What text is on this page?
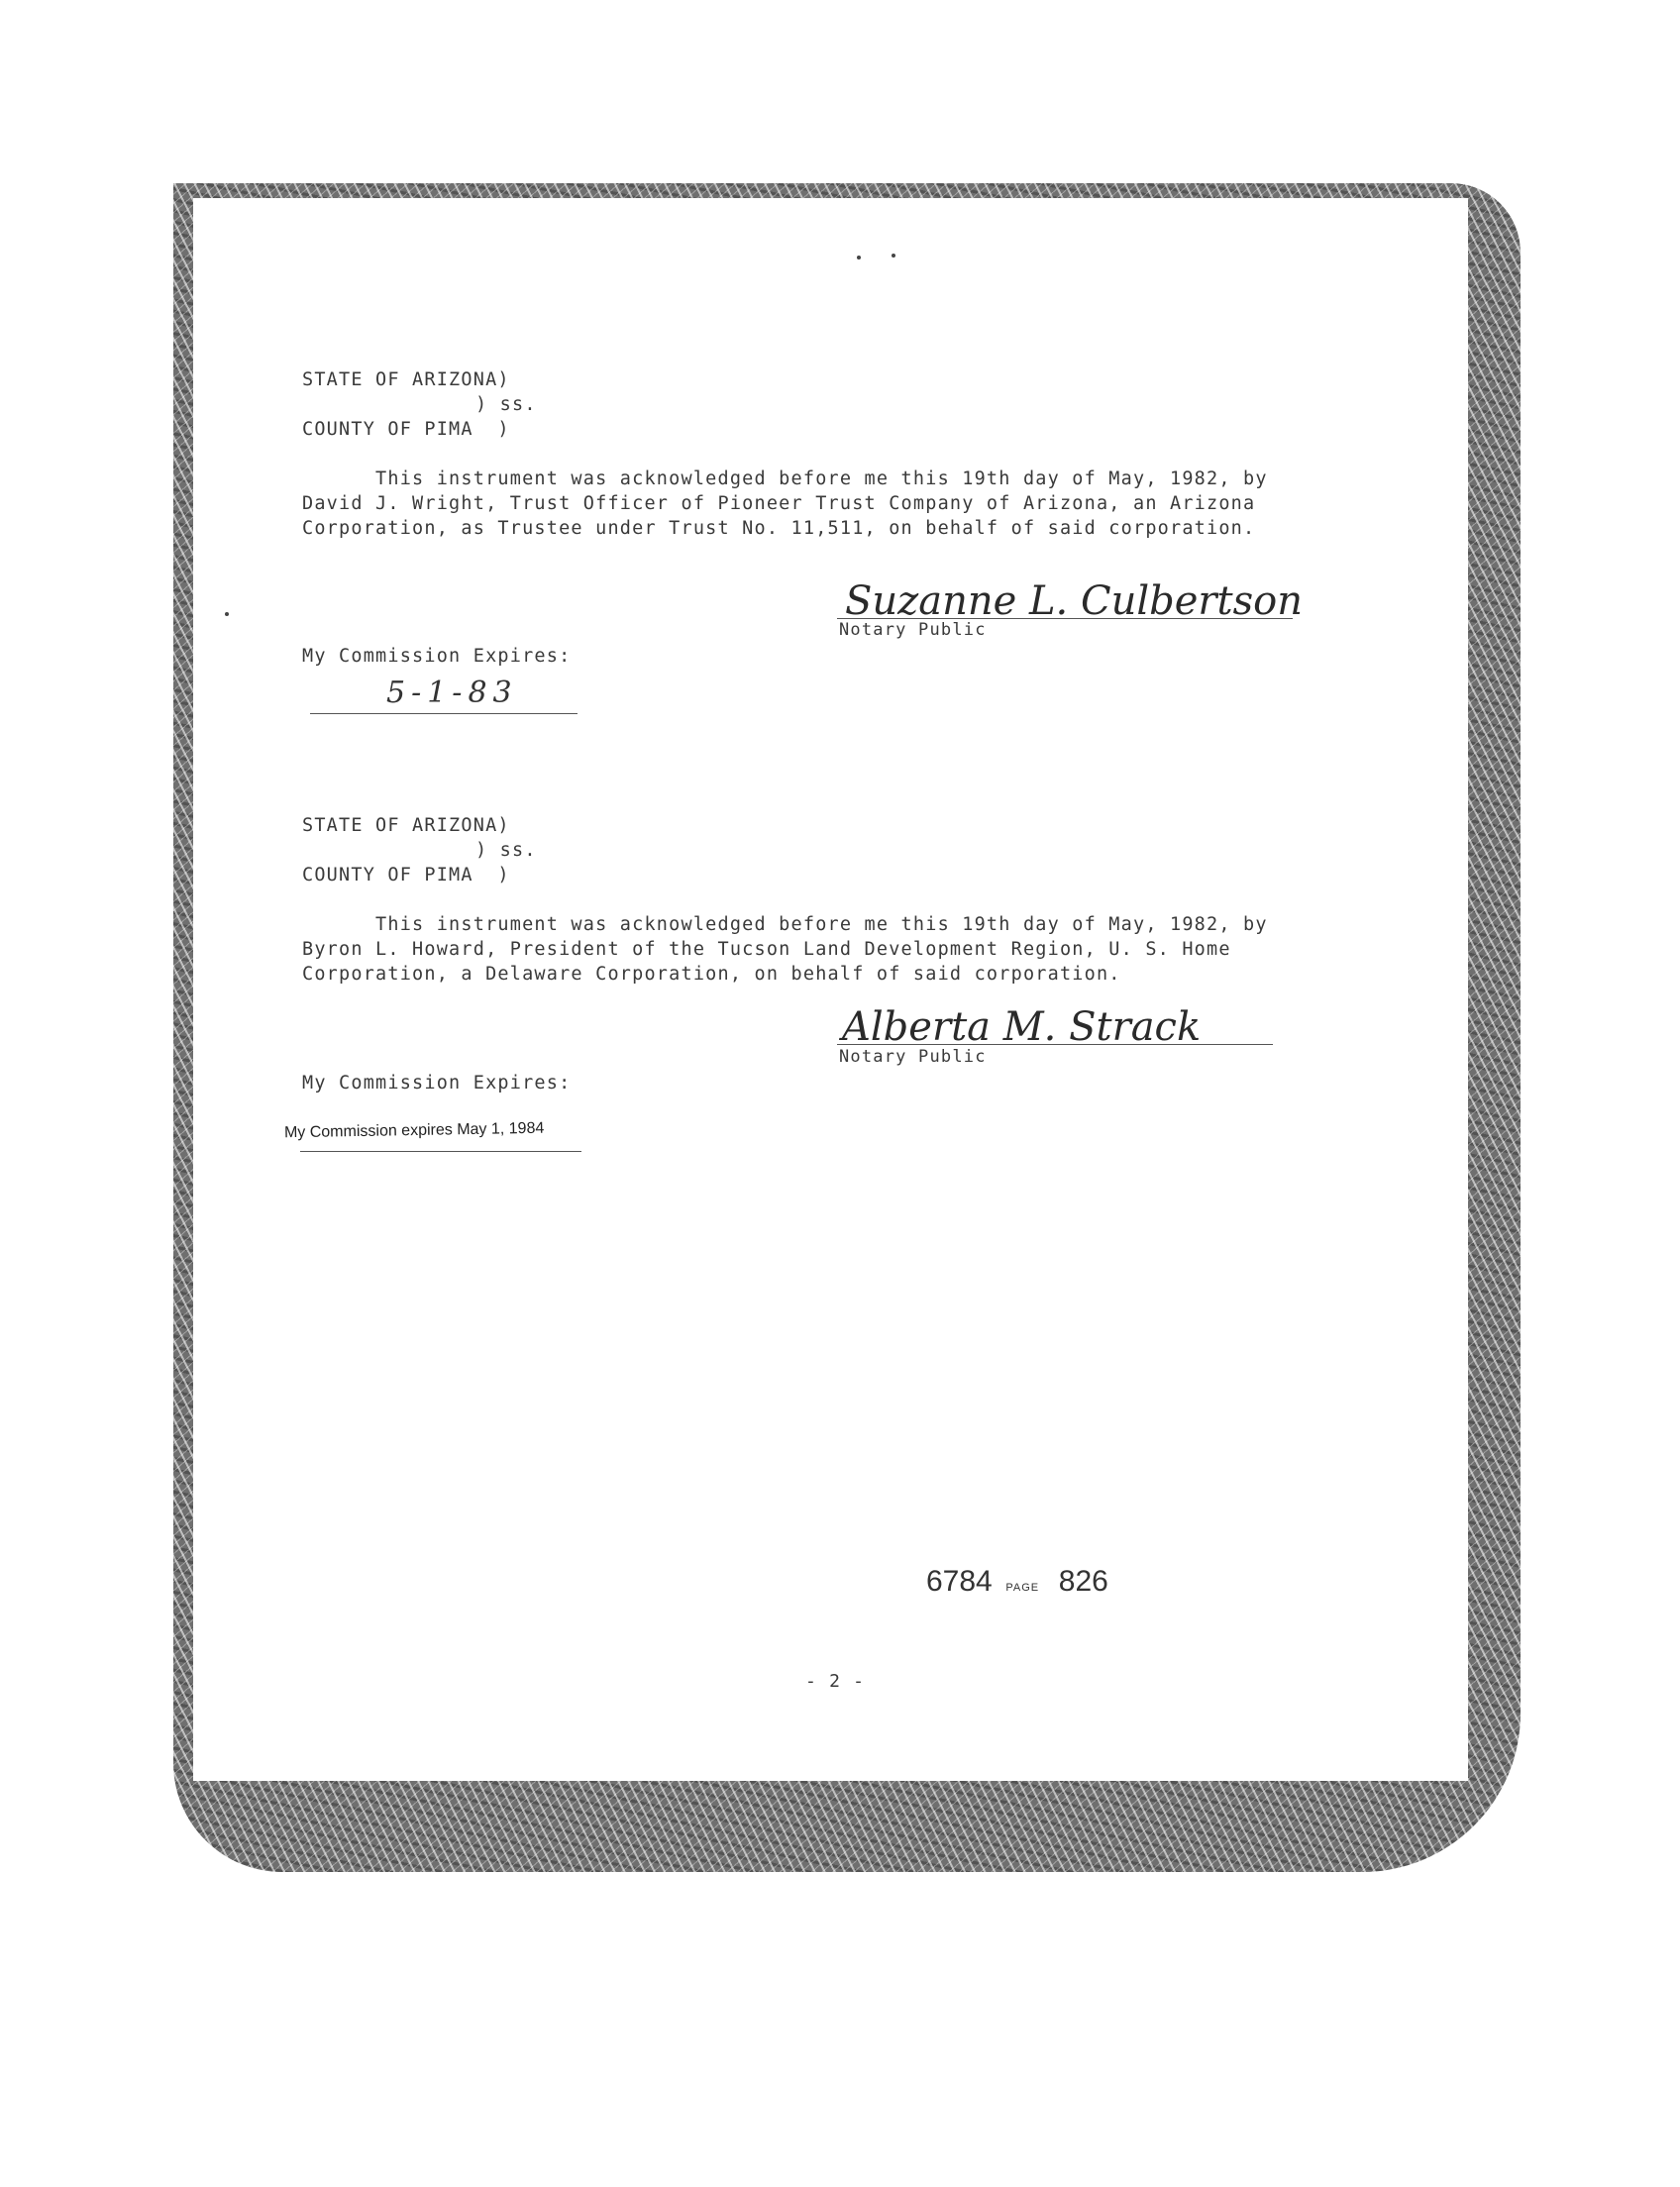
STATE OF ARIZONA)
) ss.
COUNTY OF PIMA  )
This instrument was acknowledged before me this 19th day of May, 1982, by
David J. Wright, Trust Officer of Pioneer Trust Company of Arizona, an Arizona
Corporation, as Trustee under Trust No. 11,511, on behalf of said corporation.
Suzanne L. Culbertson
Notary Public
My Commission Expires:
5-1-83
STATE OF ARIZONA)
) ss.
COUNTY OF PIMA  )
This instrument was acknowledged before me this 19th day of May, 1982, by
Byron L. Howard, President of the Tucson Land Development Region, U. S. Home
Corporation, a Delaware Corporation, on behalf of said corporation.
Alberta M. Strack
Notary Public
My Commission Expires:
My Commission expires May 1, 1984
6784 PAGE 826
- 2 -
